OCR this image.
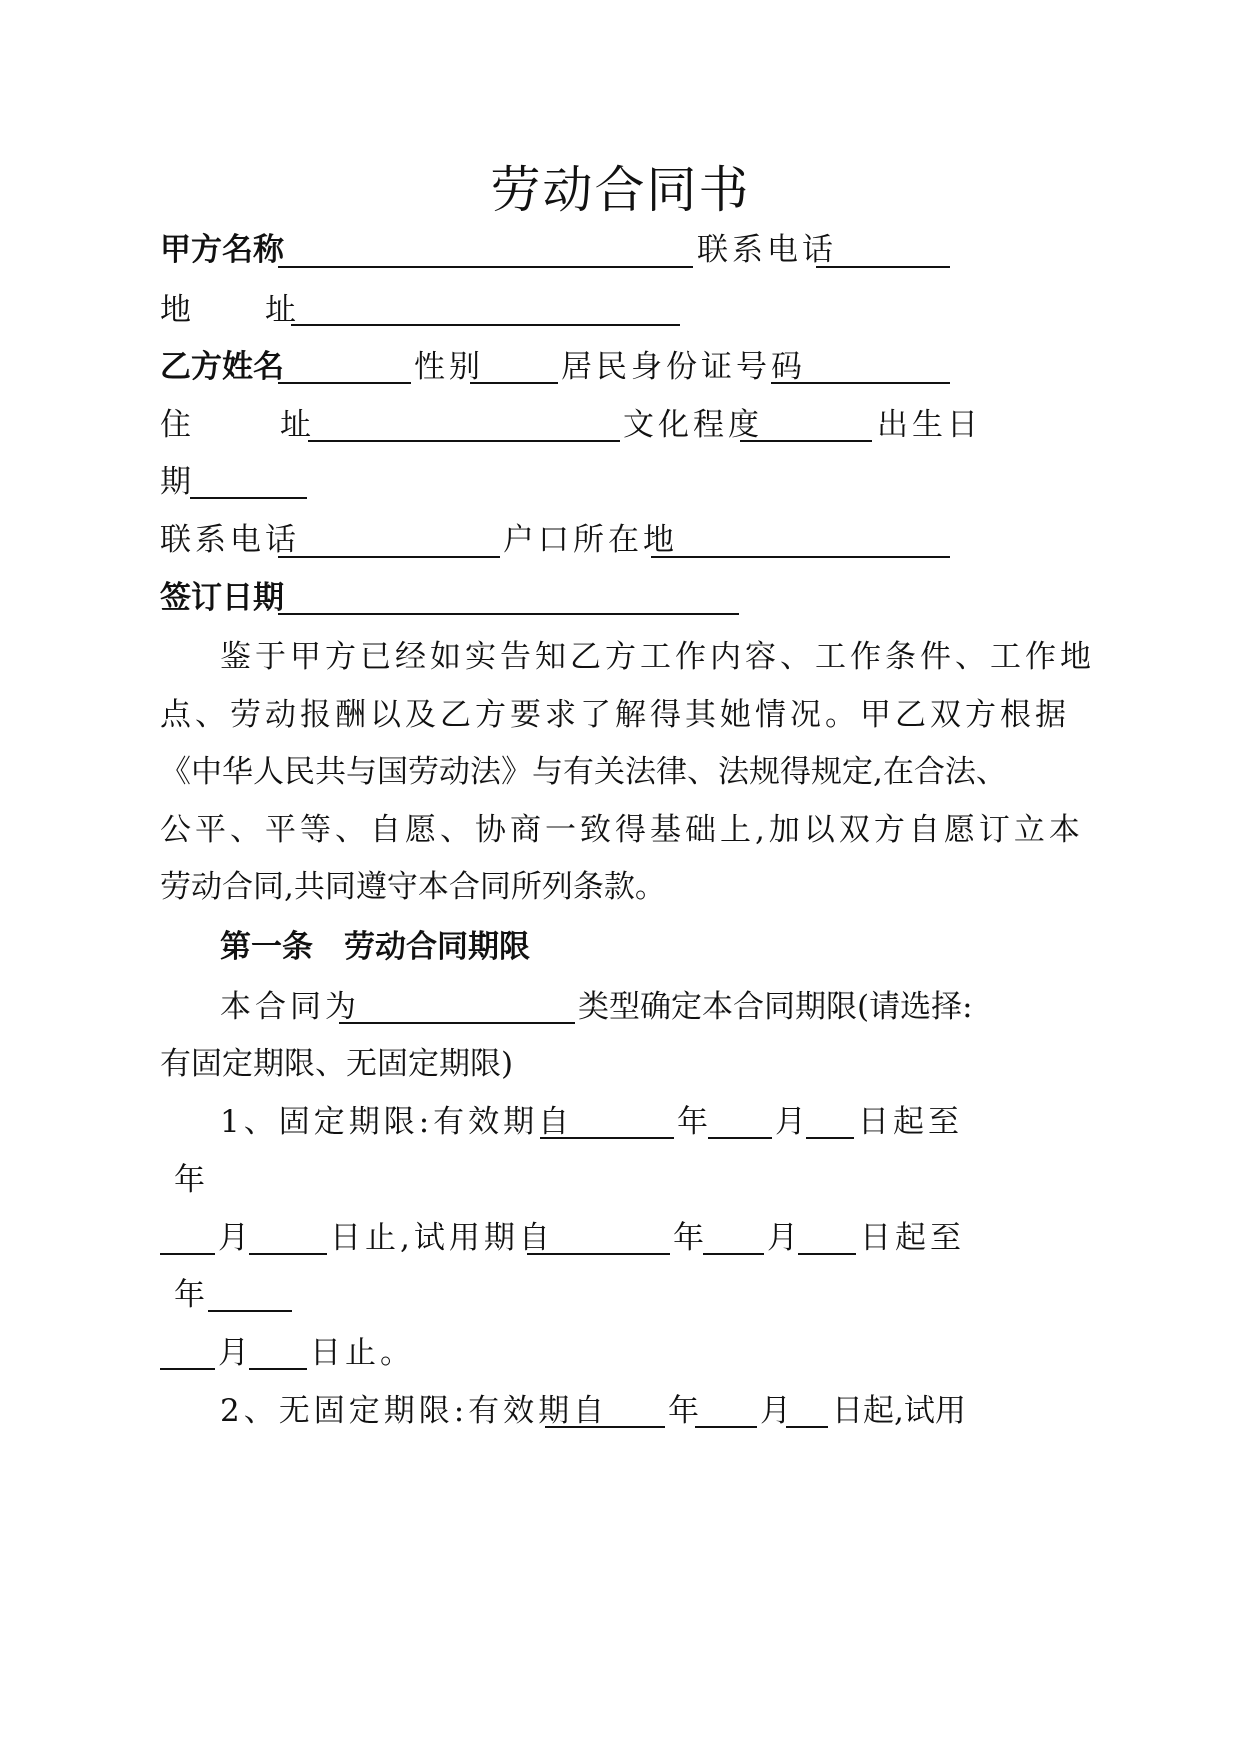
劳动合同书
甲方名称	联系电话
地 址
乙方姓名	性别 居民身份证号码
住	址	文化程度	出生日
期
联系电话	户口所在地
签订日期
鉴于甲方已经如实告知乙方工作内容、工作条件、工作地
点、劳动报酬以及乙方要求了解得其她情况。甲乙双方根据
《中华人民共与国劳动法》与有关法律、法规得规定,在合法、
公平、平等、自愿、协商一致得基础上,加以双方自愿订立本
劳动合同,共同遵守本合同所列条款。
第一条　劳动合同期限
本合同为	类型确定本合同期限(请选择:
有固定期限、无固定期限)
1、固定期限:有效期自	年 月 日起至
年
月	日止,试用期自	年 月 日起至
年
月 日止。
2、无固定期限:有效期自 年 月 日起,试用
